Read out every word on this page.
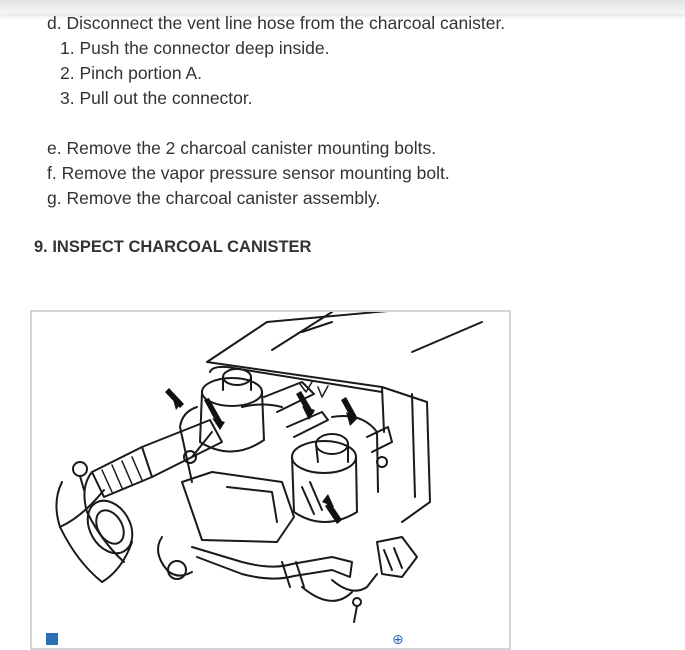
d. Disconnect the vent line hose from the charcoal canister.
1. Push the connector deep inside.
2. Pinch portion A.
3. Pull out the connector.
e. Remove the 2 charcoal canister mounting bolts.
f. Remove the vapor pressure sensor mounting bolt.
g. Remove the charcoal canister assembly.
9. INSPECT CHARCOAL CANISTER
⊕
